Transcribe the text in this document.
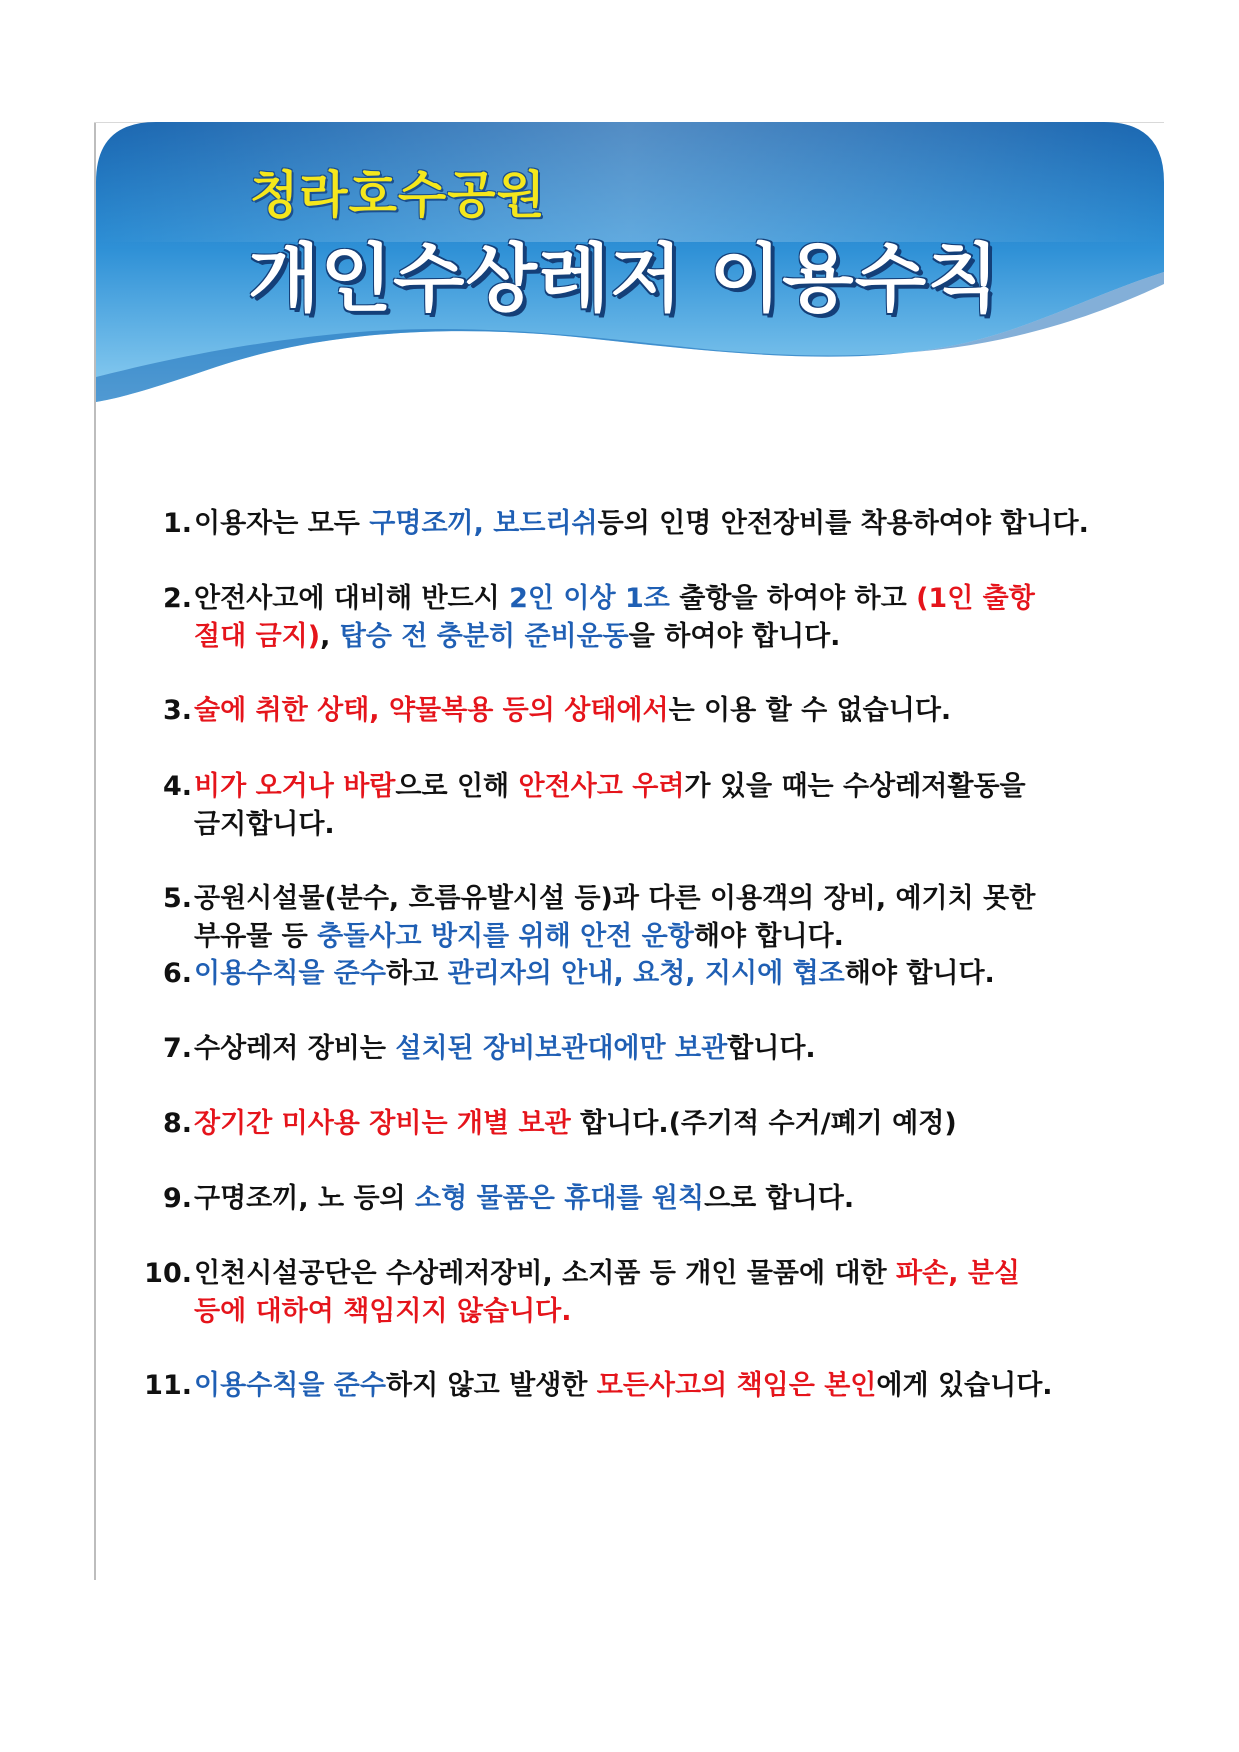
청라호수공원
개인수상레저 이용수칙
1. 이용자는 모두 구명조끼, 보드리쉬등의 인명 안전장비를 착용하여야 합니다.
2. 안전사고에 대비해 반드시 2인 이상 1조 출항을 하여야 하고 (1인 출항
절대 금지), 탑승 전 충분히 준비운동을 하여야 합니다.
3. 술에 취한 상태, 약물복용 등의 상태에서는 이용 할 수 없습니다.
4. 비가 오거나 바람으로 인해 안전사고 우려가 있을 때는 수상레저활동을
금지합니다.
5. 공원시설물(분수, 흐름유발시설 등)과 다른 이용객의 장비, 예기치 못한
부유물 등 충돌사고 방지를 위해 안전 운항해야 합니다.
6. 이용수칙을 준수하고 관리자의 안내, 요청, 지시에 협조해야 합니다.
7. 수상레저 장비는 설치된 장비보관대에만 보관합니다.
8. 장기간 미사용 장비는 개별 보관 합니다.(주기적 수거/폐기 예정)
9. 구명조끼, 노 등의 소형 물품은 휴대를 원칙으로 합니다.
10. 인천시설공단은 수상레저장비, 소지품 등 개인 물품에 대한 파손, 분실
등에 대하여 책임지지 않습니다.
11. 이용수칙을 준수하지 않고 발생한 모든사고의 책임은 본인에게 있습니다.
